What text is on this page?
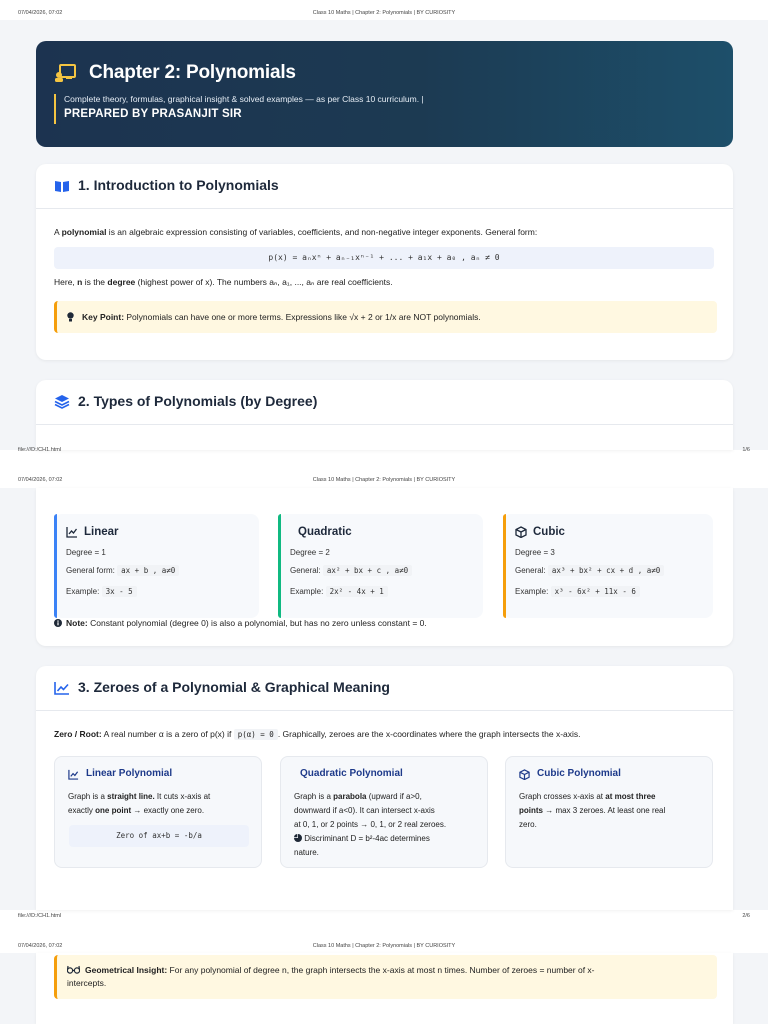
07/04/2026, 07:02	Class 10 Maths | Chapter 2: Polynomials | BY CURIOSITY
Chapter 2: Polynomials
Complete theory, formulas, graphical insight & solved examples — as per Class 10 curriculum. |
PREPARED BY PRASANJIT SIR
1. Introduction to Polynomials
A polynomial is an algebraic expression consisting of variables, coefficients, and non-negative integer exponents. General form:
p(x) = aₙxⁿ + aₙ₋₁xⁿ⁻¹ + ... + a₁x + a₀ , aₙ ≠ 0
Here, n is the degree (highest power of x). The numbers aₙ, a₁, ..., aₙ are real coefficients.
Key Point: Polynomials can have one or more terms. Expressions like √x + 2 or 1/x are NOT polynomials.
2. Types of Polynomials (by Degree)
file:///D:/CH1.html	1/6
07/04/2026, 07:02	Class 10 Maths | Chapter 2: Polynomials | BY CURIOSITY
Linear
Degree = 1
General form: ax + b , a≠0
Example: 3x - 5
Quadratic
Degree = 2
General: ax² + bx + c , a≠0
Example: 2x² - 4x + 1
Cubic
Degree = 3
General: ax³ + bx² + cx + d , a≠0
Example: x³ - 6x² + 11x - 6
Note: Constant polynomial (degree 0) is also a polynomial, but has no zero unless constant = 0.
3. Zeroes of a Polynomial & Graphical Meaning
Zero / Root: A real number α is a zero of p(x) if p(α) = 0 . Graphically, zeroes are the x-coordinates where the graph intersects the x-axis.
Linear Polynomial
Graph is a straight line. It cuts x-axis at
exactly one point → exactly one zero.
Zero of ax+b = -b/a
Quadratic Polynomial
Graph is a parabola (upward if a>0,
downward if a<0). It can intersect x-axis
at 0, 1, or 2 points → 0, 1, or 2 real zeroes.
Discriminant D = b²-4ac determines
nature.
Cubic Polynomial
Graph crosses x-axis at at most three
points → max 3 zeroes. At least one real
zero.
file:///D:/CH1.html	2/6
07/04/2026, 07:02	Class 10 Maths | Chapter 2: Polynomials | BY CURIOSITY
Geometrical Insight: For any polynomial of degree n, the graph intersects the x-axis at most n times. Number of zeroes = number of x-
intercepts.
